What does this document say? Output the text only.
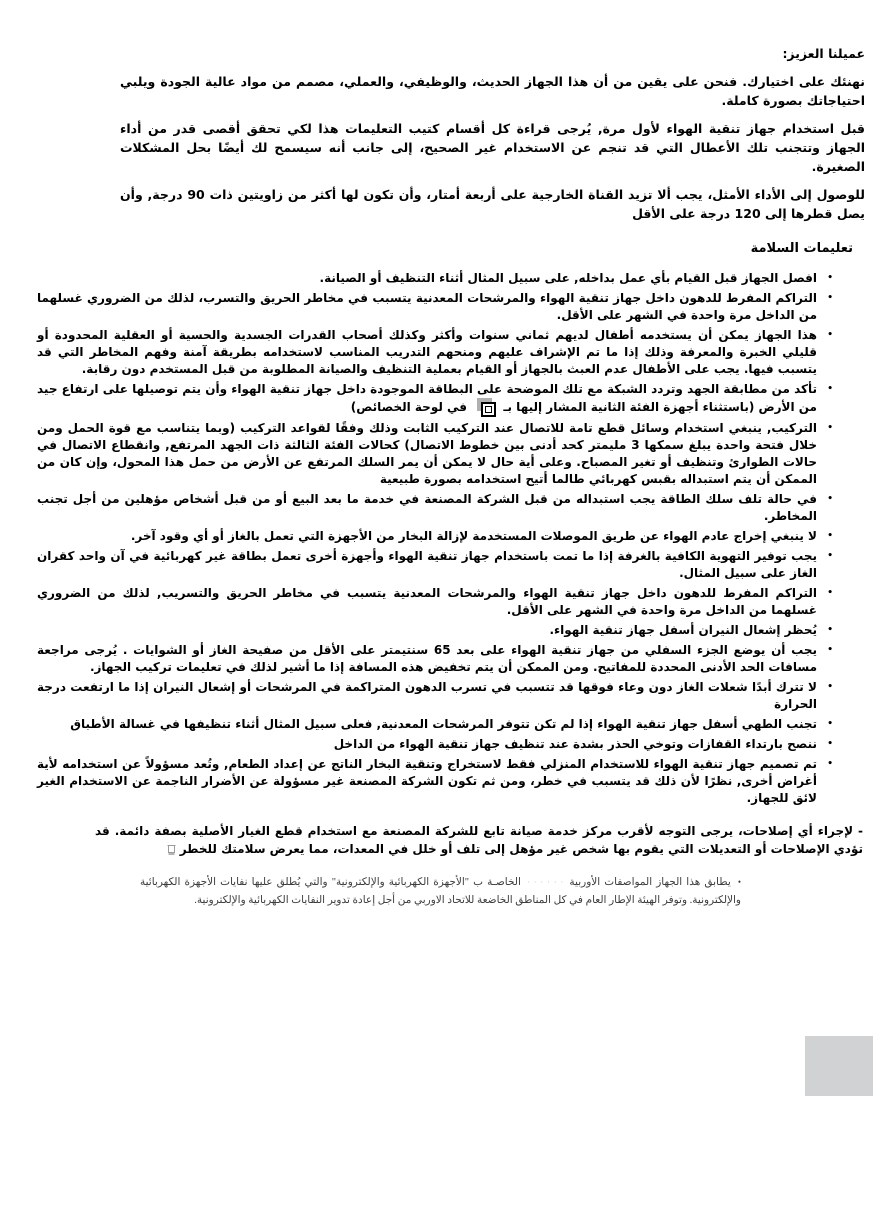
عميلنا العزيز:

نهنئك على اختيارك. فنحن على يقين من أن هذا الجهاز الحديث، والوظيفي، والعملي، مصمم من مواد عالية الجودة ويلبي احتياجاتك بصورة كاملة.

قبل استخدام جهاز تنقية الهواء لأول مرة, يُرجى قراءة كل أقسام كتيب التعليمات هذا لكي تحقق أقصى قدر من أداء الجهاز وتتجنب تلك الأعطال التي قد تنجم عن الاستخدام غير الصحيح، إلى جانب أنه سيسمح لك أيضًا بحل المشكلات الصغيرة.

للوصول إلى الأداء الأمثل، يجب ألا تزيد القناة الخارجية على أربعة أمتار، وأن تكون لها أكثر من زاويتين ذات 90 درجة, وأن يصل قطرها إلى 120 درجة على الأقل

تعليمات السلامة
•
افصل الجهاز قبل القيام بأي عمل بداخله, على سبيل المثال أثناء التنظيف أو الصيانة.
•
التراكم المفرط للدهون داخل جهاز تنقية الهواء والمرشحات المعدنية يتسبب في مخاطر الحريق والتسرب، لذلك من الضروري غسلهما من الداخل مرة واحدة في الشهر على الأقل.
•
هذا الجهاز يمكن أن يستخدمه أطفال لديهم ثماني سنوات وأكثر وكذلك أصحاب القدرات الجسدية والحسية أو العقلية المحدودة أو قليلي الخبرة والمعرفة وذلك إذا ما تم الإشراف عليهم ومنحهم التدريب المناسب لاستخدامه بطريقة آمنة وفهم المخاطر التي قد يتسبب فيها. يجب على الأطفال عدم العبث بالجهاز أو القيام بعملية التنظيف والصيانة المطلوبة من قبل المستخدم دون رقابة.
•
تأكد من مطابقة الجهد وتردد الشبكة مع تلك الموضحة على البطاقة الموجودة داخل جهاز تنقية الهواء وأن يتم توصيلها على ارتفاع جيد من الأرض (باستثناء أجهزة الفئة الثانية المشار إليها بـ
في لوحة الخصائص)
•
التركيب, ينبغي استخدام وسائل قطع تامة للاتصال عند التركيب الثابت وذلك وفقًا لقواعد التركيب (وبما يتناسب مع قوة الحمل ومن خلال فتحة واحدة يبلغ سمكها 3 مليمتر كحد أدنى بين خطوط الاتصال) كحالات الفئة الثالثة ذات الجهد المرتفع, وانقطاع الاتصال في حالات الطوارئ وتنظيف أو تغير المصباح. وعلى أية حال لا يمكن أن يمر السلك المرتفع عن الأرض من حمل هذا المحول، وإن كان من الممكن أن يتم استبداله بقبس كهربائي طالما أتيح استخدامه بصورة طبيعية
•
في حالة تلف سلك الطاقة يجب استبداله من قبل الشركة المصنعة في خدمة ما بعد البيع أو من قبل أشخاص مؤهلين من أجل تجنب المخاطر.
•
لا ينبغي إخراج عادم الهواء عن طريق الموصلات المستخدمة لإزالة البخار من الأجهزة التي تعمل بالغاز أو أي وقود آخر.
•
يجب توفير التهوية الكافية بالغرفة إذا ما تمت باستخدام جهاز تنقية الهواء وأجهزة أخرى تعمل بطاقة غير كهربائية في آن واحد كقران الغاز على سبيل المثال.
•
التراكم المفرط للدهون داخل جهاز تنقية الهواء والمرشحات المعدنية يتسبب في مخاطر الحريق والتسريب, لذلك من الضروري غسلهما من الداخل مرة واحدة في الشهر على الأقل.
•
يُحظر إشعال النيران أسفل جهاز تنقية الهواء.
•
يجب أن يوضع الجزء السفلي من جهاز تنقية الهواء على بعد 65 سنتيمتر على الأقل من صفيحة الغاز أو الشوايات . يُرجى مراجعة مسافات الحد الأدنى المحددة للمفاتيح. ومن الممكن أن يتم تخفيض هذه المسافة إذا ما أشير لذلك في تعليمات تركيب الجهاز.
•
لا تترك أبدًا شعلات الغاز دون وعاء فوقها قد تتسبب في تسرب الدهون المتراكمة في المرشحات أو إشعال النيران إذا ما ارتفعت درجة الحرارة
•
تجنب الطهي أسفل جهاز تنقية الهواء إذا لم تكن تتوفر المرشحات المعدنية, فعلى سبيل المثال أثناء تنظيفها في غسالة الأطباق
•
ننصح بارتداء القفازات وتوخي الحذر بشدة عند تنظيف جهاز تنقية الهواء من الداخل
•
تم تصميم جهاز تنقية الهواء للاستخدام المنزلي فقط لاستخراج وتنقية البخار الناتج عن إعداد الطعام, وتُعد مسؤولاً عن استخدامه لأية أغراض أخرى, نظرًا لأن ذلك قد يتسبب في خطر، ومن ثم تكون الشركة المصنعة غير مسؤولة عن الأضرار الناجمة عن الاستخدام الغير لائق للجهاز.

- لإجراء أي إصلاحات، يرجى التوجه لأقرب مركز خدمة صيانة تابع للشركة المصنعة مع استخدام قطع الغيار الأصلية بصفة دائمة. قد تؤدي الإصلاحات أو التعديلات التي يقوم بها شخص غير مؤهل إلى تلف أو خلل في المعدات، مما يعرض سلامتك للخطر

• يطابق هذا الجهاز المواصفات الأوربية· · · · · ·الخاصـة ب "الأجهزة الكهربائية والإلكترونية" والتي يُطلق عليها نفايات الأجهزة الكهربائية والإلكترونية. وتوفر الهيئة الإطار العام في كل المناطق الخاضعة للاتحاد الاوربي من أجل إعادة تدوير النفايات الكهربائية والإلكترونية.
